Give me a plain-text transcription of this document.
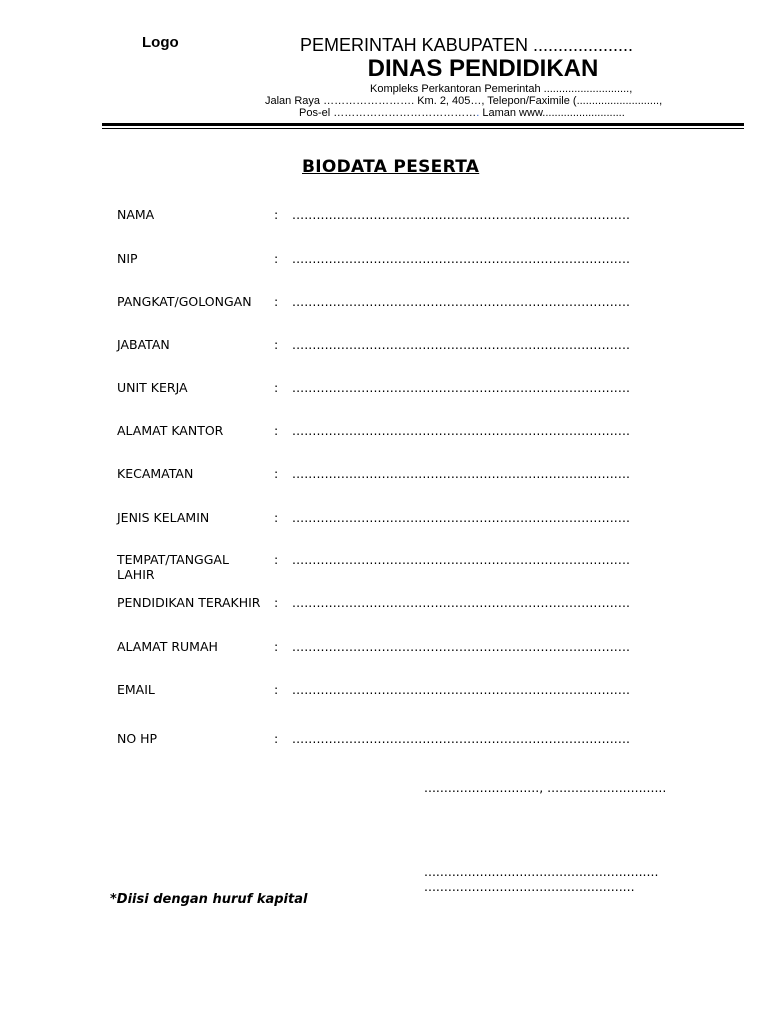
Logo	PEMERINTAH KABUPATEN ....................
DINAS PENDIDIKAN
Kompleks Perkantoran Pemerintah ............................,
Jalan Raya ……………………. Km. 2, 405…, Telepon/Faximile (...........................,
Pos-el …………………………………. Laman www...........................
BIODATA PESERTA
NAMA	: ...................................................................................
NIP	: ...................................................................................
PANGKAT/GOLONGAN	: ...................................................................................
JABATAN	: ...................................................................................
UNIT KERJA	: ...................................................................................
ALAMAT KANTOR	: ...................................................................................
KECAMATAN	: ...................................................................................
JENIS KELAMIN	: ...................................................................................
TEMPAT/TANGGAL LAHIR
: ...................................................................................
PENDIDIKAN TERAKHIR	: ...................................................................................
ALAMAT RUMAH	: ...................................................................................
EMAIL	: ...................................................................................
NO HP	: ...................................................................................
............................., ..............................
...........................................................
.....................................................
*Diisi dengan huruf kapital
